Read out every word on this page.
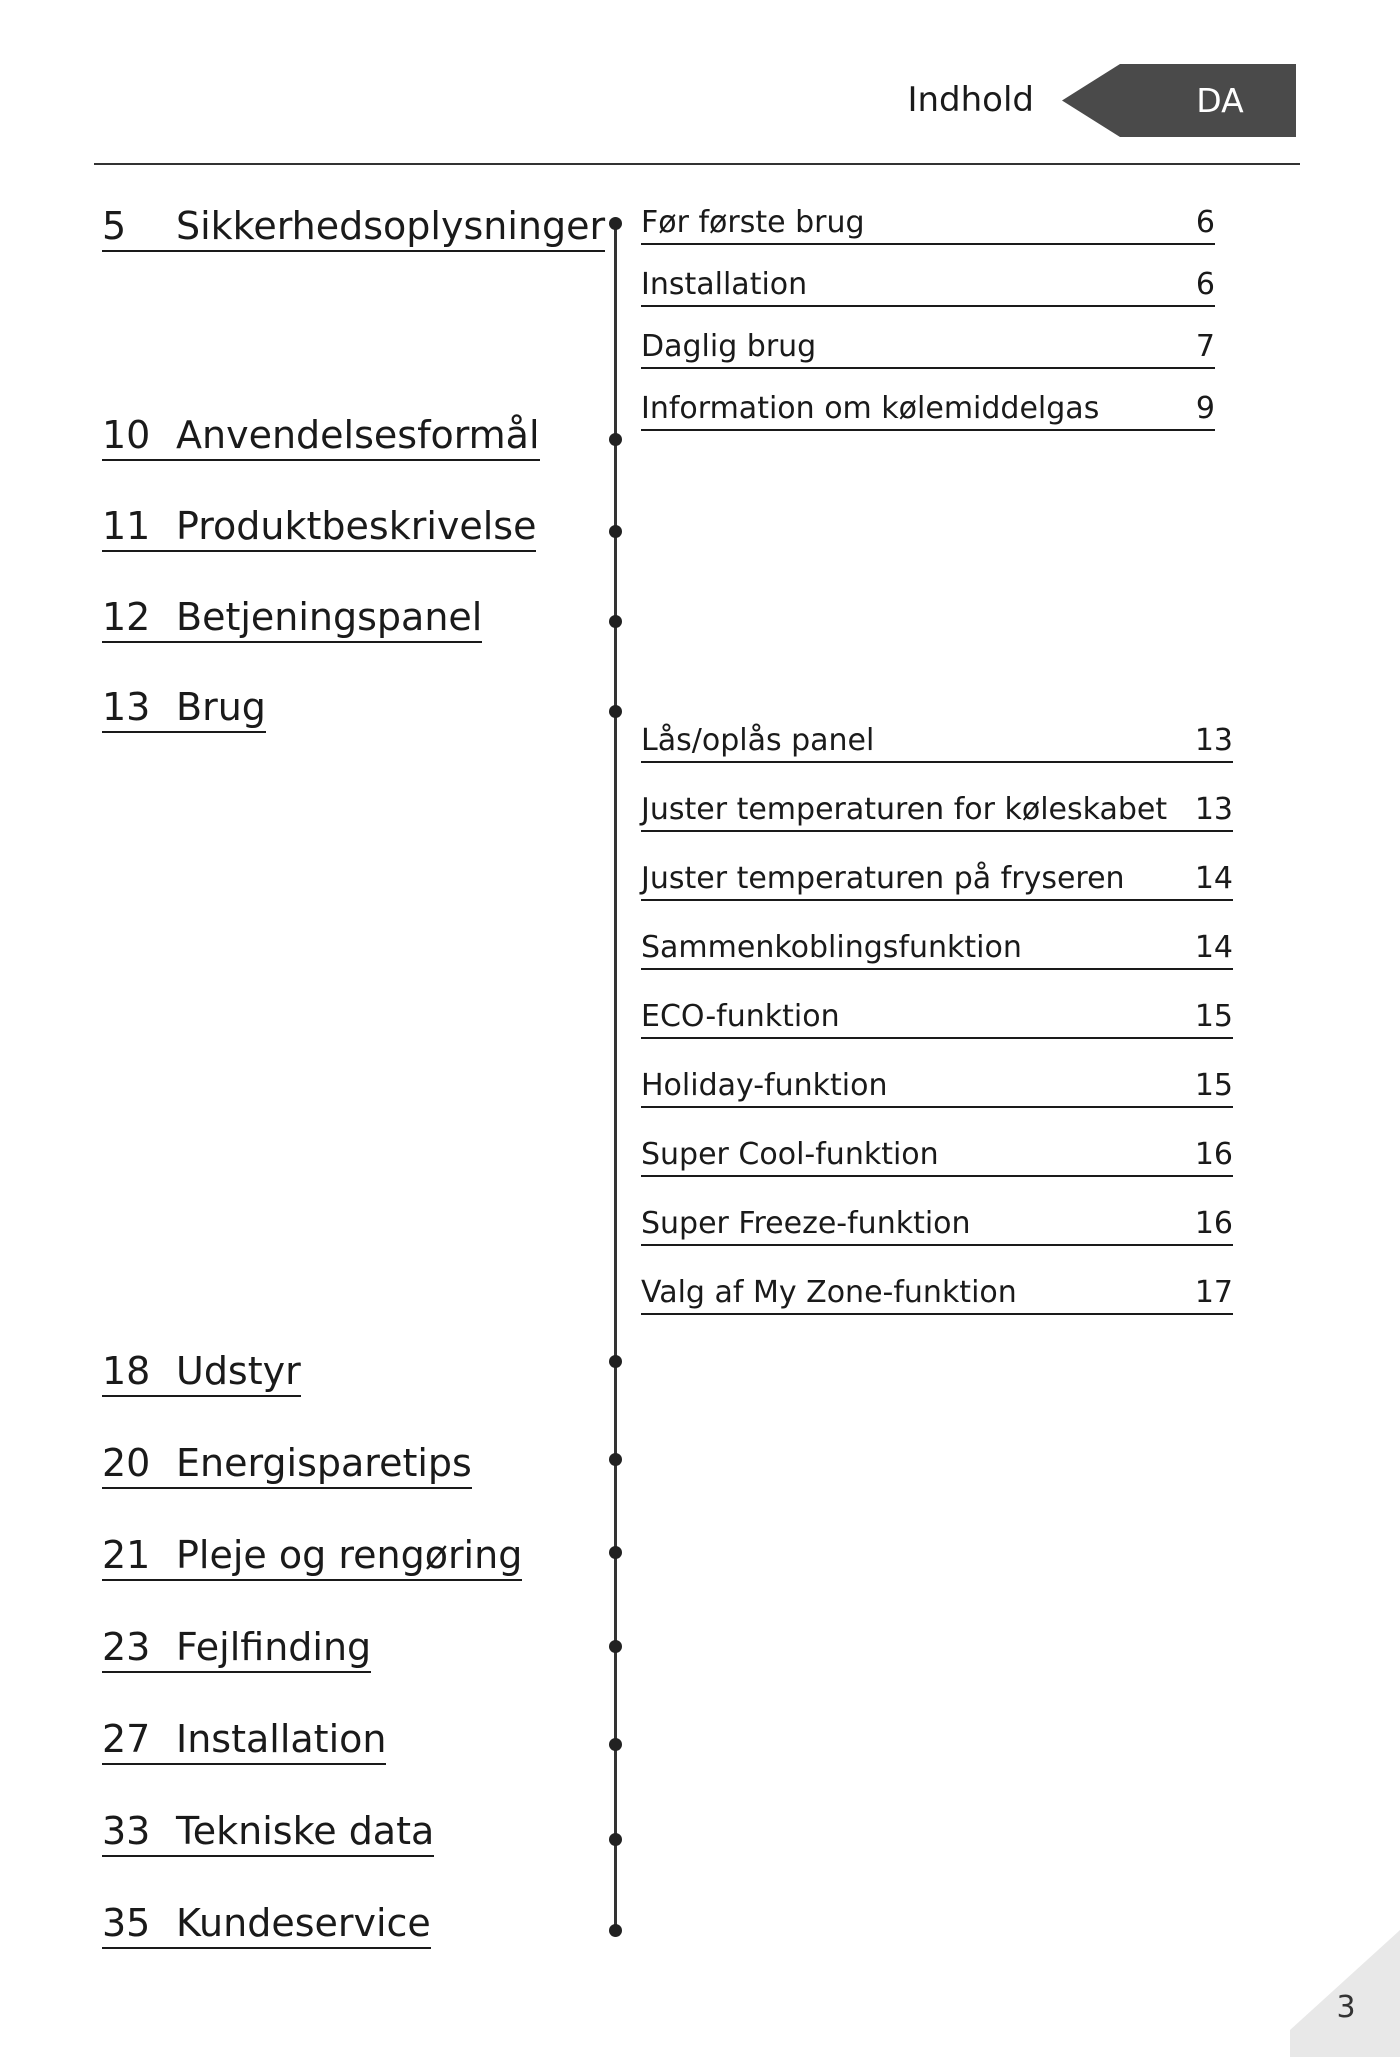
Indhold	DA
5 Sikkerhedsoplysninger
10 Anvendelsesformål
11 Produktbeskrivelse
12 Betjeningspanel
13 Brug
18 Udstyr
20 Energisparetips
21 Pleje og rengøring
23 Fejlfinding
27 Installation
33 Tekniske data
35 Kundeservice
Før første brug	6
Installation	6
Daglig brug	7
Information om kølemiddelgas	9
Lås/oplås panel	13
Juster temperaturen for køleskabet 13
Juster temperaturen på fryseren 14
Sammenkoblingsfunktion	14
ECO-funktion	15
Holiday-funktion	15
Super Cool-funktion	16
Super Freeze-funktion	16
Valg af My Zone-funktion	17
3
